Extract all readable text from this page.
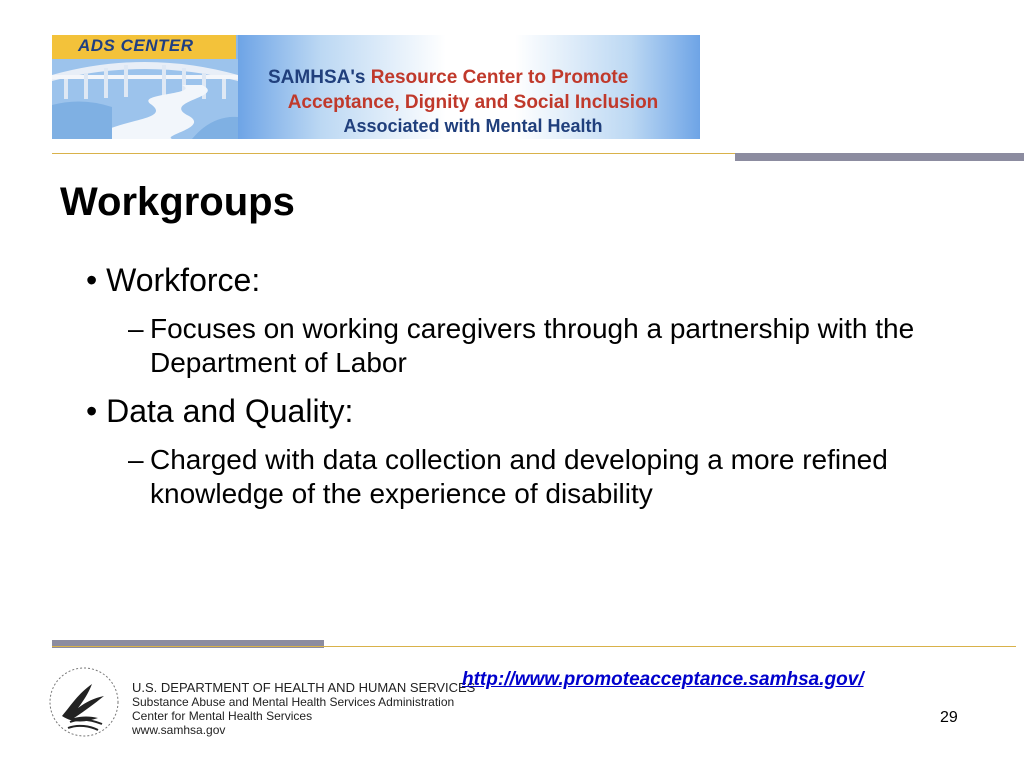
ADS CENTER
SAMHSA's Resource Center to Promote
Acceptance, Dignity and Social Inclusion
Associated with Mental Health
Workgroups
• Workforce:
– Focuses on working caregivers through a partnership with the Department of Labor
• Data and Quality:
– Charged with data collection and developing a more refined knowledge of the experience of disability
U.S. DEPARTMENT OF HEALTH AND HUMAN SERVICES
Substance Abuse and Mental Health Services Administration
Center for Mental Health Services
www.samhsa.gov
http://www.promoteacceptance.samhsa.gov/
29
